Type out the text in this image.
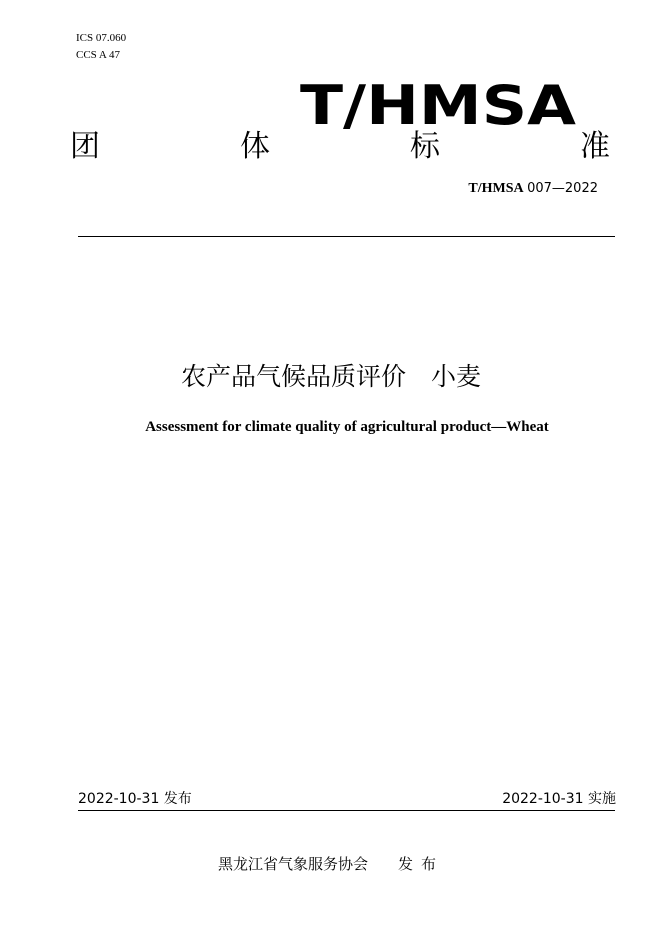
ICS 07.060
CCS A 47
T/HMSA
团	体	标	准
T/HMSA 007—2022
农产品气候品质评价　小麦
Assessment for climate quality of agricultural product—Wheat
2022-10-31 发布	2022-10-31 实施
黑龙江省气象服务协会 发布
